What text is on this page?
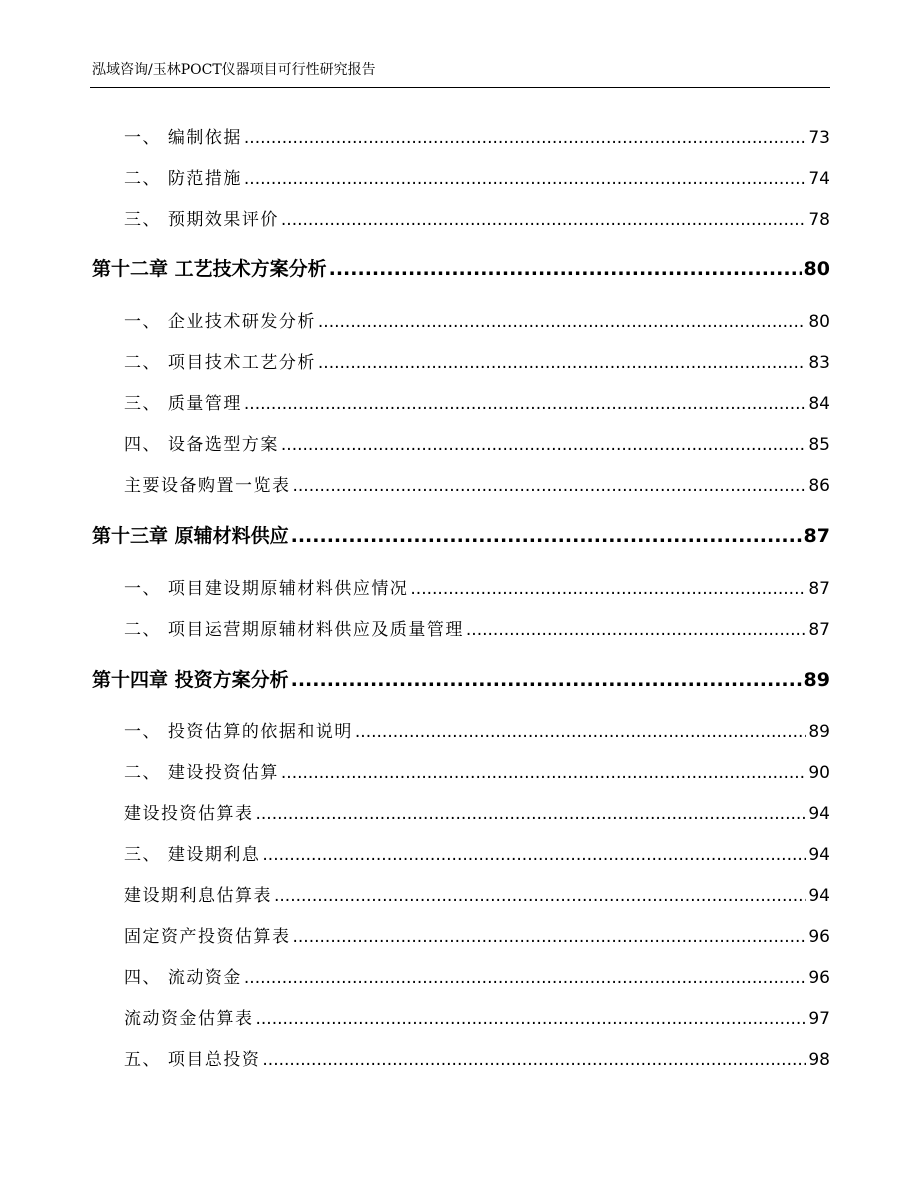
泓域咨询/玉林POCT仪器项目可行性研究报告
一、 编制依据 .....	73
二、 防范措施 .....	74
三、 预期效果评价 .....	78
第十二章 工艺技术方案分析 .....	80
一、 企业技术研发分析 .....	80
二、 项目技术工艺分析 .....	83
三、 质量管理 .....	84
四、 设备选型方案 .....	85
主要设备购置一览表 .....	86
第十三章 原辅材料供应 .....	87
一、 项目建设期原辅材料供应情况 .....	87
二、 项目运营期原辅材料供应及质量管理 .....	87
第十四章 投资方案分析 .....	89
一、 投资估算的依据和说明 .....	89
二、 建设投资估算 .....	90
建设投资估算表 .....	94
三、 建设期利息 .....	94
建设期利息估算表 .....	94
固定资产投资估算表 .....	96
四、 流动资金 .....	96
流动资金估算表 .....	97
五、 项目总投资 .....	98
